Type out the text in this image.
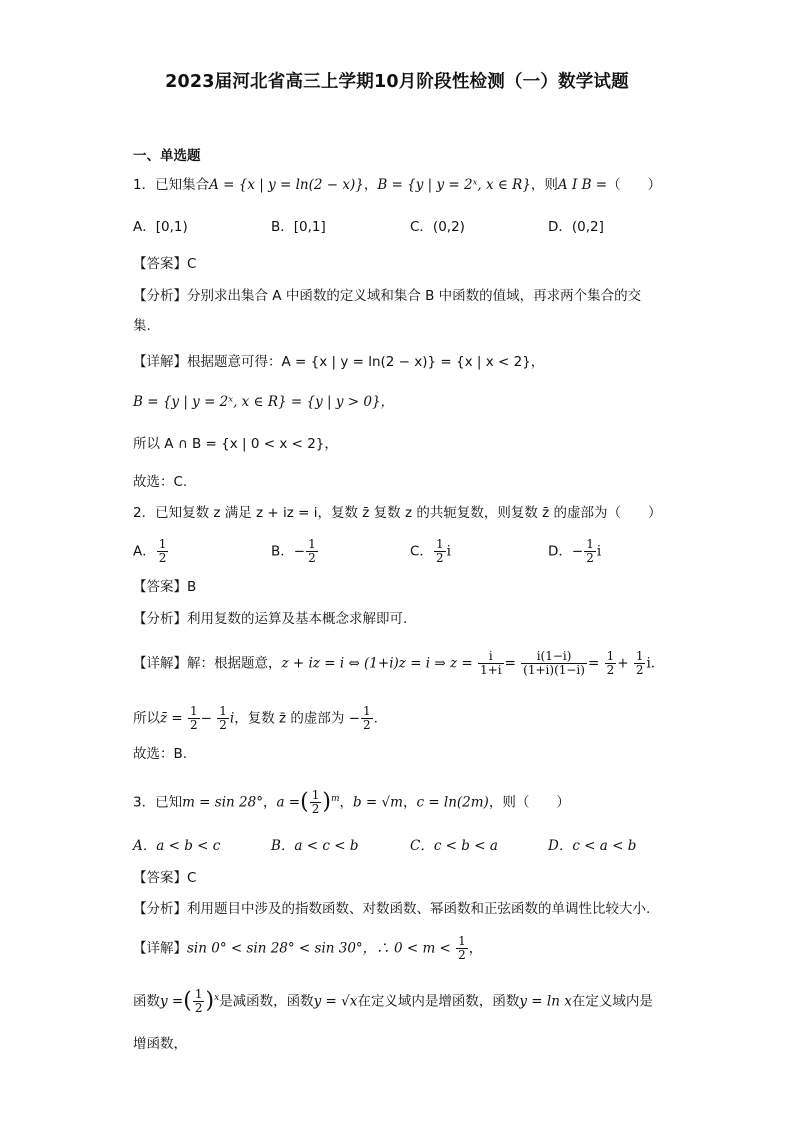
2023届河北省高三上学期10月阶段性检测（一）数学试题
一、单选题
1．已知集合A = {x | y = ln(2 − x)}，B = {y | y = 2ˣ, x ∈ R}，则A I B =（　　）
A．[0,1)	B．[0,1]	C．(0,2)	D．(0,2]
【答案】C
【分析】分别求出集合 A 中函数的定义域和集合 B 中函数的值域，再求两个集合的交
集.
【详解】根据题意可得：A = {x | y = ln(2 − x)} = {x | x < 2}，
B = {y | y = 2ˣ, x ∈ R} = {y | y > 0}，
所以 A ∩ B = {x | 0 < x < 2}，
故选：C.
2．已知复数 z 满足 z + iz = i，复数 z̄ 复数 z 的共轭复数，则复数 z̄ 的虚部为（　　）
A． $\frac{1}{2}$	B．− $\frac{1}{2}$	C． $\frac{1}{2}$ i	D．− $\frac{1}{2}$ i
【答案】B
【分析】利用复数的运算及基本概念求解即可.
【详解】解：根据题意，z + iz = i ⇔ (1+i)z = i ⇒ $z = \frac{i}{1+i} = \frac{i(1-i)}{(1+i)(1-i)} = \frac{1}{2} + \frac{1}{2} i$.
所以z̄ = $\frac{1}{2} - \frac{1}{2}$ i，复数 z̄ 的虚部为 − $\frac{1}{2}$ .
故选：B.
3．已知m = sin 28°，a =( $\frac{1}{2} )^m$，b = √m，c = ln(2m)，则（　　）
A．a < b < c	B．a < c < b	C．c < b < a	D．c < a < b
【答案】C
【分析】利用题目中涉及的指数函数、对数函数、幂函数和正弦函数的单调性比较大小.
【详解】sin 0° < sin 28° < sin 30°，∴ $0 < m < \frac{1}{2}$ ，
函数y =( $\frac{1}{2} )^x$是减函数，函数y = √x在定义域内是增函数，函数y = ln x在定义域内是
增函数，
